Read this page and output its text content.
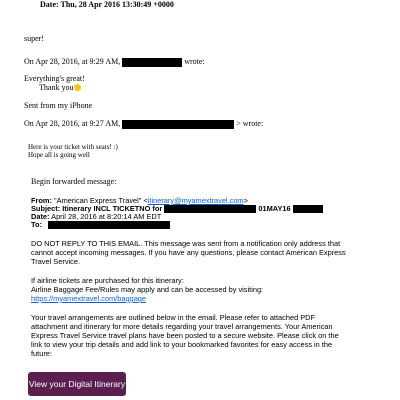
Date: Thu, 28 Apr 2016 13:30:49 +0000
super!
On Apr 28, 2016, at 9:29 AM,	wrote:
Everything's great!
Thank you
Sent from my iPhone
On Apr 28, 2016, at 9:27 AM,	> wrote:
Here is your ticket with seats! :)
Hope all is going well
Begin forwarded message:
From: "American Express Travel" <itinerary@myamextravel.com>
Subject: Itinerary INCL TICKETNO for	01MAY16
Date: April 28, 2016 at 8:20:14 AM EDT
To:
DO NOT REPLY TO THIS EMAIL. This message was sent from a notification only address that
cannot accept incoming messages. If you have any questions, please contact American Express
Travel Service.
If airline tickets are purchased for this itinerary:
Airline Baggage Fee/Rules may apply and can be accessed by visiting:
https://myamextravel.com/baggage
Your travel arrangements are outlined below in the email. Please refer to attached PDF
attachment and itinerary for more details regarding your travel arrangements. Your American
Express Travel Service travel plans have been posted to a secure website. Please click on the
link to view your trip details and add link to your bookmarked favorites for easy access in the
future:
View your Digital Itinerary
